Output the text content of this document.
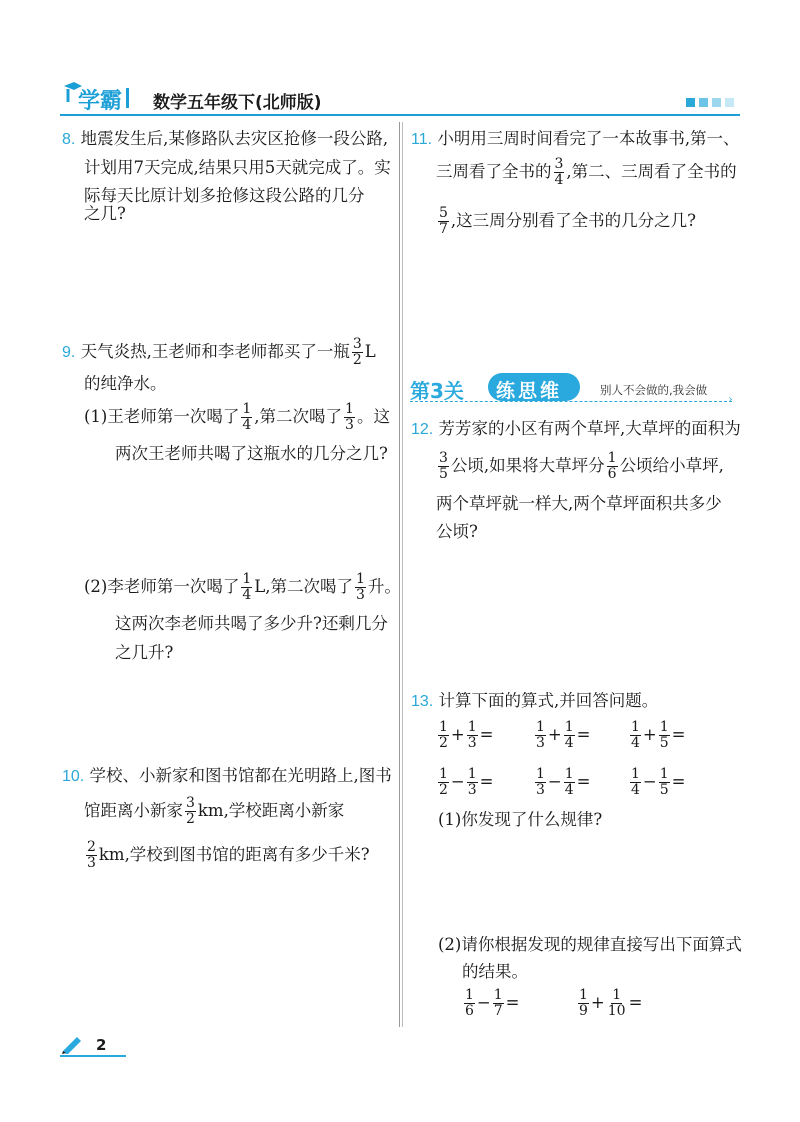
学霸 数学五年级下(北师版)
8. 地震发生后,某修路队去灾区抢修一段公路,
计划用7天完成,结果只用5天就完成了。实
际每天比原计划多抢修这段公路的几分
之几?
9. 天气炎热,王老师和李老师都买了一瓶 $\frac{3}{2}$ L
的纯净水。
(1)王老师第一次喝了 $\frac{1}{4}$ ,第二次喝了 $\frac{1}{3}$ 。这
两次王老师共喝了这瓶水的几分之几?
(2)李老师第一次喝了 $\frac{1}{4} L$,第二次喝了 $\frac{1}{3}$ 升。
这两次李老师共喝了多少升?还剩几分
之几升?
10. 学校、小新家和图书馆都在光明路上,图书
馆距离小新家 $\frac{3}{2}$ km,学校距离小新家
$\frac{2}{3}$ km,学校到图书馆的距离有多少千米?
11. 小明用三周时间看完了一本故事书,第一、
三周看了全书的 $\frac{3}{4}$ ,第二、三周看了全书的
$\frac{5}{7}$ ,这三周分别看了全书的几分之几?
第3关 练思维	别人不会做的,我会做
›
12. 芳芳家的小区有两个草坪,大草坪的面积为
$\frac{3}{5}$ 公顷,如果将大草坪分 $\frac{1}{6}$ 公顷给小草坪,
两个草坪就一样大,两个草坪面积共多少
公顷?
13. 计算下面的算式,并回答问题。
$\frac{1}{2} + \frac{1}{3}$ =	$\frac{1}{3} + \frac{1}{4}$ =	$\frac{1}{4} + \frac{1}{5}$ =
$\frac{1}{2} - \frac{1}{3}$ =	$\frac{1}{3} - \frac{1}{4}$ =	$\frac{1}{4} - \frac{1}{5}$ =
(1)你发现了什么规律?
(2)请你根据发现的规律直接写出下面算式
的结果。
$\frac{1}{6} - \frac{1}{7}$ =	$\frac{1}{9} + \frac{1}{10}$ =
2
